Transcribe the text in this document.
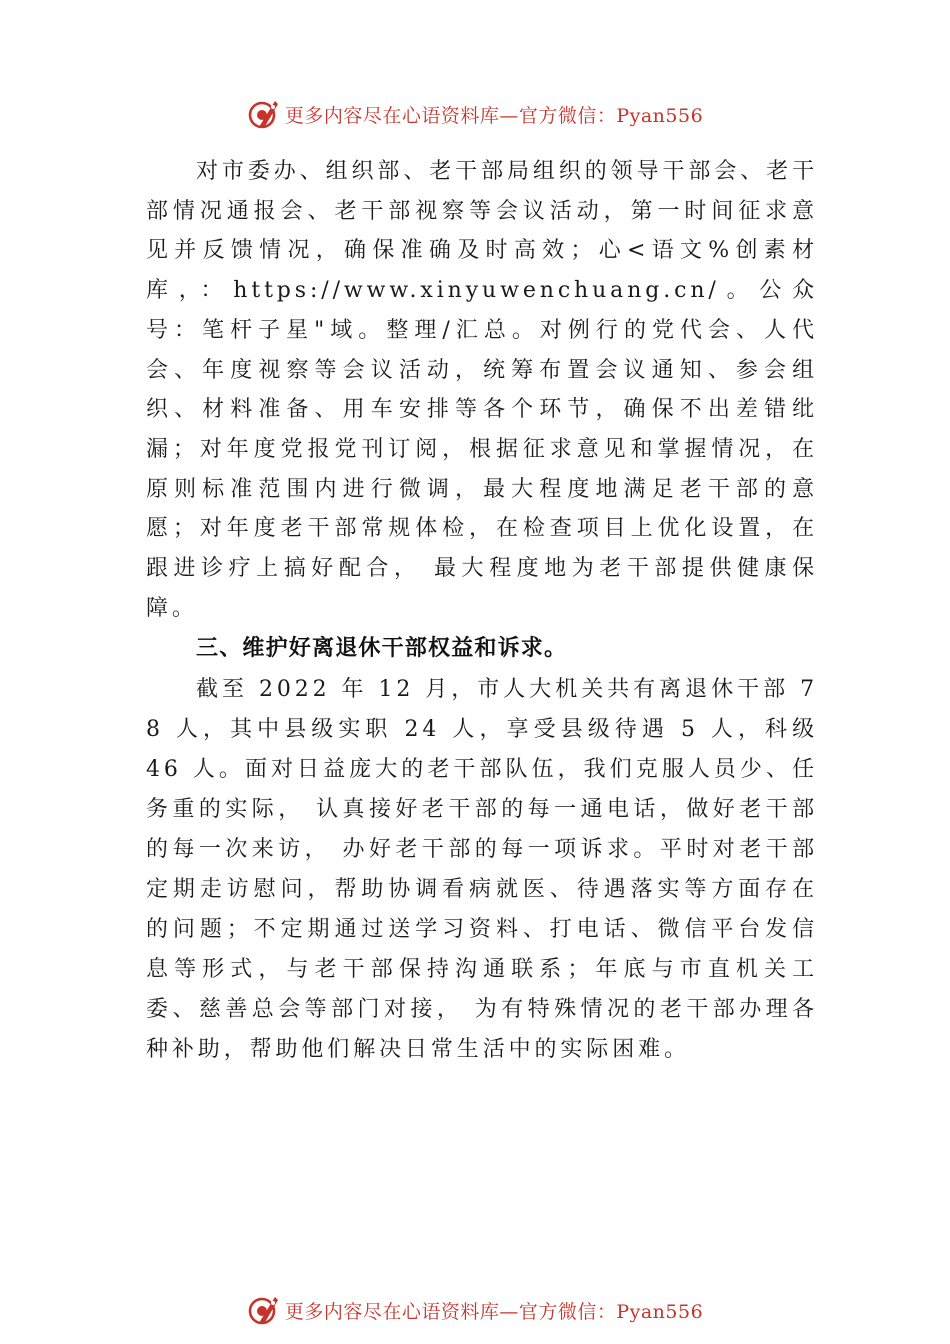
更多内容尽在心语资料库—官方微信：Pyan556

对市委办、组织部、老干部局组织的领导干部会、老干部情况通报会、老干部视察等会议活动，第一时间征求意见并反馈情况，确保准确及时高效；心<语文%创素材库，：https://www.xinyuwenchuang.cn/。公众号：笔杆子星"域。整理/汇总。对例行的党代会、人代会、年度视察等会议活动，统筹布置会议通知、参会组织、材料准备、用车安排等各个环节，确保不出差错纰漏；对年度党报党刊订阅，根据征求意见和掌握情况，在原则标准范围内进行微调，最大程度地满足老干部的意愿；对年度老干部常规体检，在检查项目上优化设置，在跟进诊疗上搞好配合， 最大程度地为老干部提供健康保障。

三、维护好离退休干部权益和诉求。

截至 2022 年 12 月，市人大机关共有离退休干部 78 人，其中县级实职 24 人，享受县级待遇 5 人，科级 46 人。面对日益庞大的老干部队伍，我们克服人员少、任务重的实际， 认真接好老干部的每一通电话，做好老干部的每一次来访， 办好老干部的每一项诉求。平时对老干部定期走访慰问，帮助协调看病就医、待遇落实等方面存在的问题；不定期通过送学习资料、打电话、微信平台发信息等形式，与老干部保持沟通联系；年底与市直机关工委、慈善总会等部门对接， 为有特殊情况的老干部办理各种补助，帮助他们解决日常生活中的实际困难。

更多内容尽在心语资料库—官方微信：Pyan556
